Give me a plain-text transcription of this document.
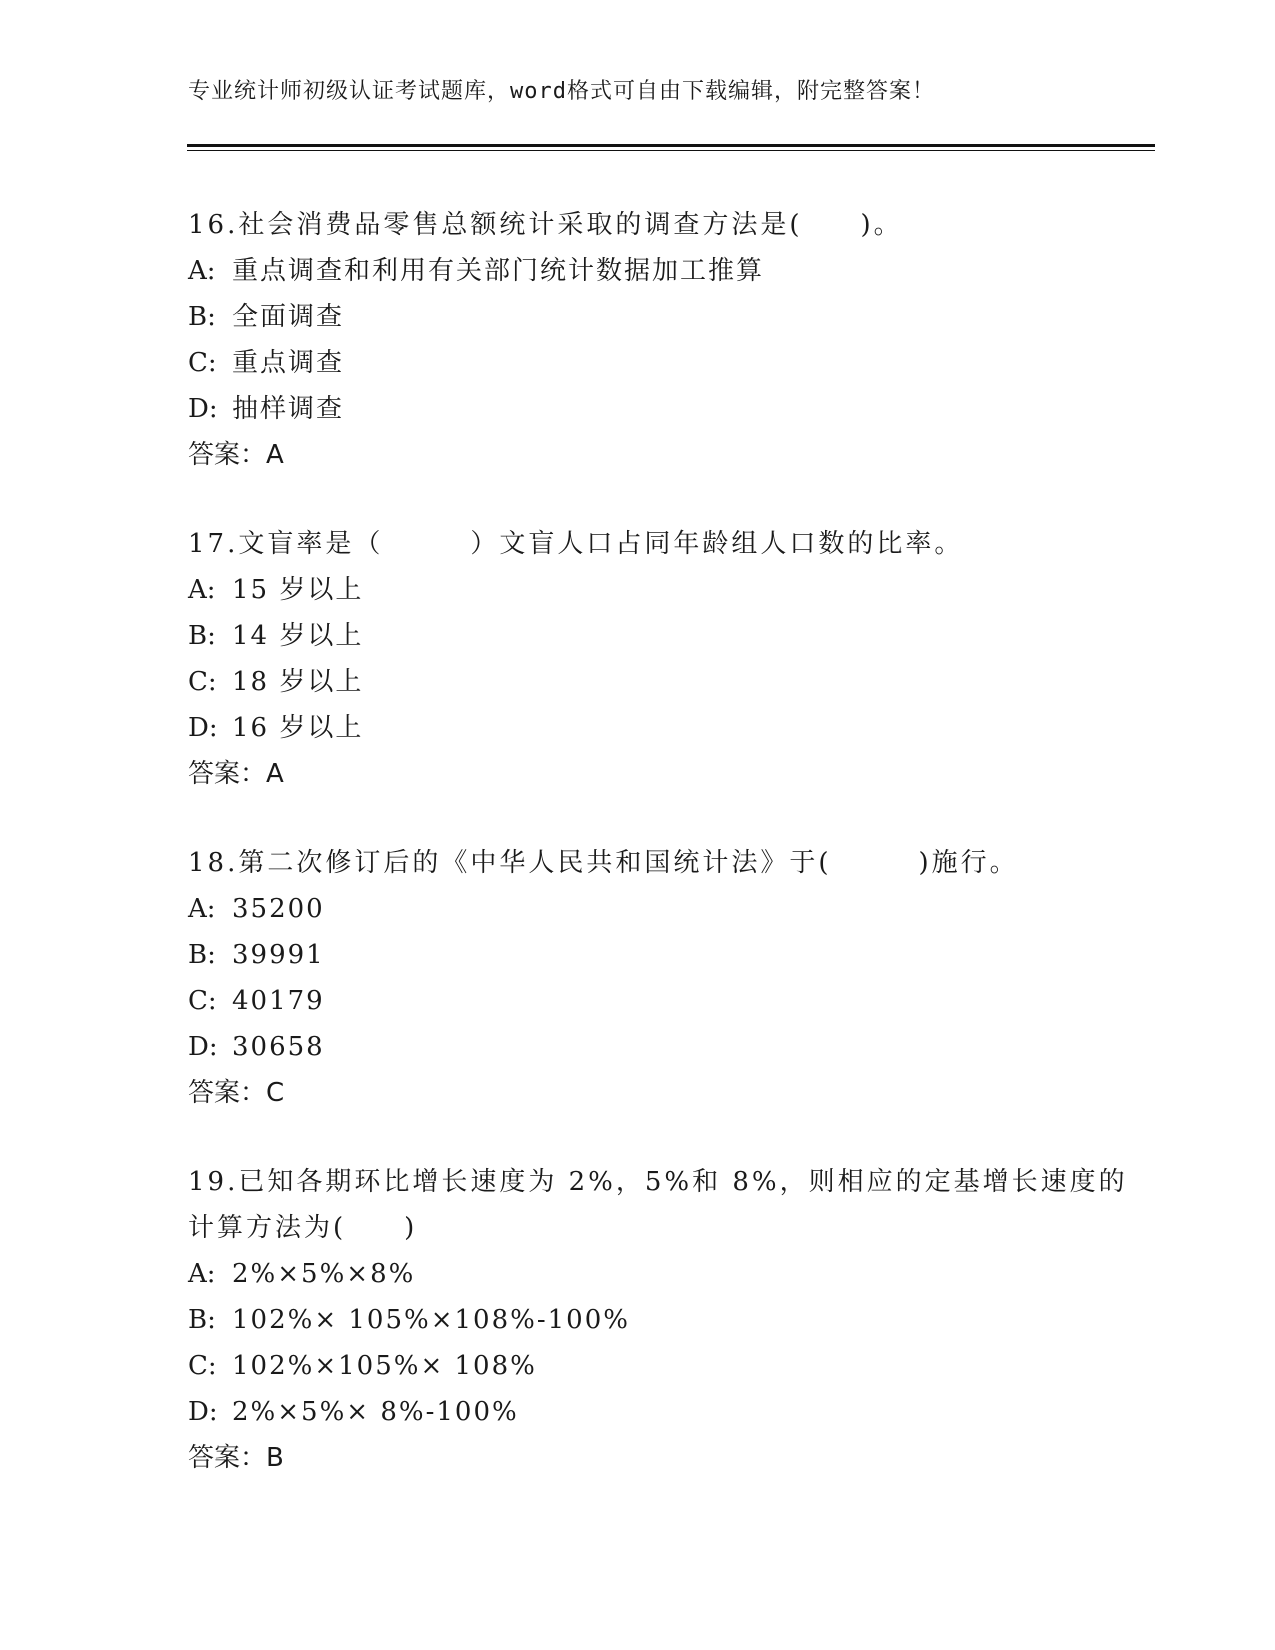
专业统计师初级认证考试题库，word格式可自由下载编辑，附完整答案！
16.社会消费品零售总额统计采取的调查方法是(　　)。
A: 重点调查和利用有关部门统计数据加工推算
B: 全面调查
C: 重点调查
D: 抽样调查
答案：A
17.文盲率是（　　　）文盲人口占同年龄组人口数的比率。
A: 15 岁以上
B: 14 岁以上
C: 18 岁以上
D: 16 岁以上
答案：A
18.第二次修订后的《中华人民共和国统计法》于(　　　)施行。
A: 35200
B: 39991
C: 40179
D: 30658
答案：C
19.已知各期环比增长速度为 2%，5%和 8%，则相应的定基增长速度的
计算方法为(　　)
A: 2%×5%×8%
B: 102%× 105%×108%-100%
C: 102%×105%× 108%
D: 2%×5%× 8%-100%
答案：B
